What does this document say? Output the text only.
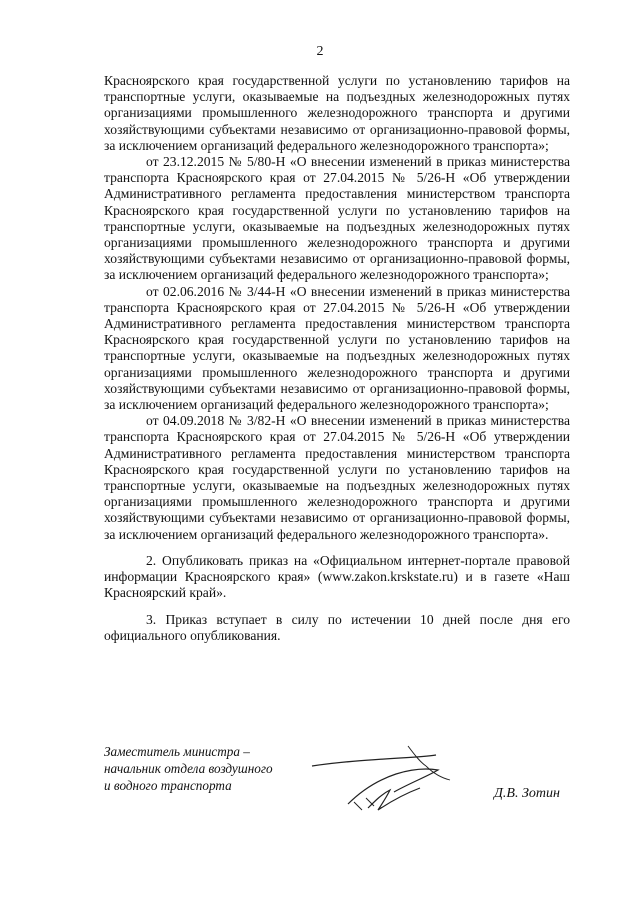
2

Красноярского края государственной услуги по установлению тарифов на транспортные услуги, оказываемые на подъездных железнодорожных путях организациями промышленного железнодорожного транспорта и другими хозяйствующими субъектами независимо от организационно-правовой формы, за исключением организаций федерального железнодорожного транспорта»;

от 23.12.2015 № 5/80-Н «О внесении изменений в приказ министерства транспорта Красноярского края от 27.04.2015 № 5/26-Н «Об утверждении Административного регламента предоставления министерством транспорта Красноярского края государственной услуги по установлению тарифов на транспортные услуги, оказываемые на подъездных железнодорожных путях организациями промышленного железнодорожного транспорта и другими хозяйствующими субъектами независимо от организационно-правовой формы, за исключением организаций федерального железнодорожного транспорта»;

от 02.06.2016 № 3/44-Н «О внесении изменений в приказ министерства транспорта Красноярского края от 27.04.2015 № 5/26-Н «Об утверждении Административного регламента предоставления министерством транспорта Красноярского края государственной услуги по установлению тарифов на транспортные услуги, оказываемые на подъездных железнодорожных путях организациями промышленного железнодорожного транспорта и другими хозяйствующими субъектами независимо от организационно-правовой формы, за исключением организаций федерального железнодорожного транспорта»;

от 04.09.2018 № 3/82-Н «О внесении изменений в приказ министерства транспорта Красноярского края от 27.04.2015 № 5/26-Н «Об утверждении Административного регламента предоставления министерством транспорта Красноярского края государственной услуги по установлению тарифов на транспортные услуги, оказываемые на подъездных железнодорожных путях организациями промышленного железнодорожного транспорта и другими хозяйствующими субъектами независимо от организационно-правовой формы, за исключением организаций федерального железнодорожного транспорта».

2. Опубликовать приказ на «Официальном интернет-портале правовой информации Красноярского края» (www.zakon.krskstate.ru) и в газете «Наш Красноярский край».

3. Приказ вступает в силу по истечении 10 дней после дня его официального опубликования.

Заместитель министра –
начальник отдела воздушного
и водного транспорта
Д.В. Зотин
